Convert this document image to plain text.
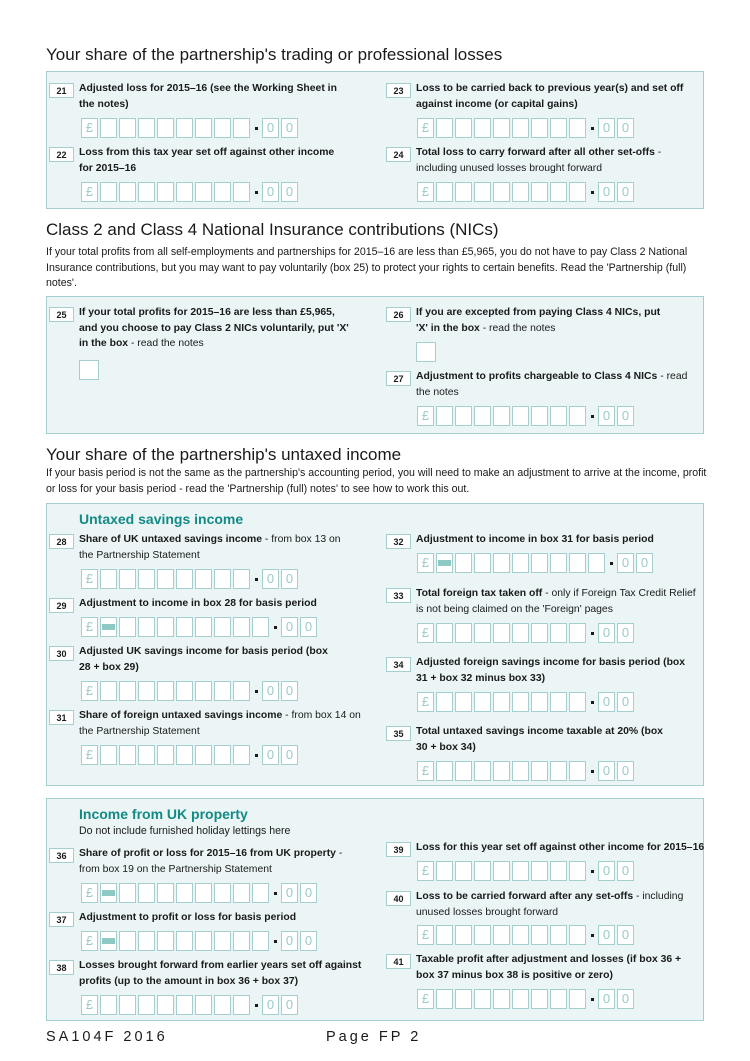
Your share of the partnership's trading or professional losses
21	Adjusted loss for 2015–16 (see the Working Sheet in the notes)
£	0 0
22	Loss from this tax year set off against other income for 2015–16
£	0 0
23	Loss to be carried back to previous year(s) and set off against income (or capital gains)
£	0 0
24	Total loss to carry forward after all other set-offs - including unused losses brought forward
£	0 0
Class 2 and Class 4 National Insurance contributions (NICs)

If your total profits from all self-employments and partnerships for 2015–16 are less than £5,965, you do not have to pay Class 2 National Insurance contributions, but you may want to pay voluntarily (box 25) to protect your rights to certain benefits. Read the 'Partnership (full) notes'.

25	If your total profits for 2015–16 are less than £5,965, and you choose to pay Class 2 NICs voluntarily, put 'X' in the box - read the notes
26	If you are excepted from paying Class 4 NICs, put 'X' in the box - read the notes
27	Adjustment to profits chargeable to Class 4 NICs - read the notes
£	0 0
Your share of the partnership's untaxed income

If your basis period is not the same as the partnership's accounting period, you will need to make an adjustment to arrive at the income, profit or loss for your basis period - read the 'Partnership (full) notes' to see how to work this out.

Untaxed savings income
28	Share of UK untaxed savings income - from box 13 on the Partnership Statement
£	0 0
29	Adjustment to income in box 28 for basis period
£	0 0
30	Adjusted UK savings income for basis period (box 28 + box 29)
£	0 0
31	Share of foreign untaxed savings income - from box 14 on the Partnership Statement
£	0 0
32	Adjustment to income in box 31 for basis period
£	0 0
33	Total foreign tax taken off - only if Foreign Tax Credit Relief is not being claimed on the 'Foreign' pages
£	0 0
34	Adjusted foreign savings income for basis period (box 31 + box 32 minus box 33)
£	0 0
35	Total untaxed savings income taxable at 20% (box 30 + box 34)
£	0 0
Income from UK property
Do not include furnished holiday lettings here
36	Share of profit or loss for 2015–16 from UK property - from box 19 on the Partnership Statement
£	0 0
37	Adjustment to profit or loss for basis period
£	0 0
38	Losses brought forward from earlier years set off against profits (up to the amount in box 36 + box 37)
£	0 0
39	Loss for this year set off against other income for 2015–16
£	0 0
40	Loss to be carried forward after any set-offs - including unused losses brought forward
£	0 0
41	Taxable profit after adjustment and losses (if box 36 + box 37 minus box 38 is positive or zero)
£	0 0
SA104F 2016	Page FP 2
